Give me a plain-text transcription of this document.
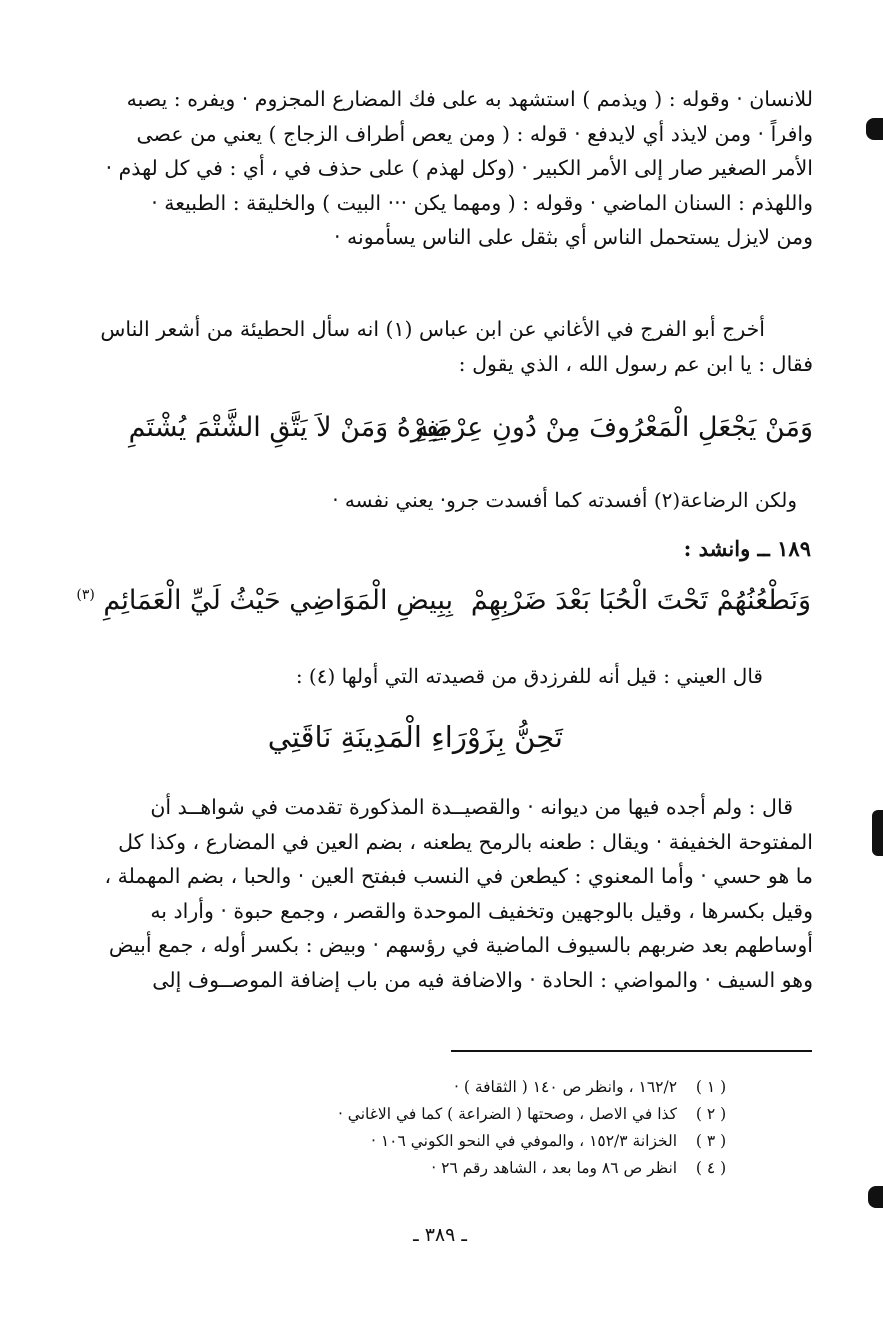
للانسان ‧ وقوله : ( ويذمم ) استشهد به على فك المضارع المجزوم ‧ ويفره : يصبه
وافراً ‧ ومن لايذد أي لايدفع ‧ قوله : ( ومن يعص أطراف الزجاج ) يعني من عصى
الأمر الصغير صار إلى الأمر الكبير ‧ (وكل لهذم ) على حذف في ، أي : في كل لهذم ‧
واللهذم : السنان الماضي ‧ وقوله : ( ومهما يكن ‧‧‧ البيت ) والخليقة : الطبيعة ‧
ومن لايزل يستحمل الناس أي بثقل على الناس يسأمونه ‧
أخرج أبو الفرج في الأغاني عن ابن عباس (١) انه سأل الحطيئة من أشعر الناس
فقال : يا ابن عم رسول الله ، الذي يقول :
وَمَنْ يَجْعَلِ الْمَعْرُوفَ مِنْ دُونِ عِرْضِهِ
يَفِرْهُ وَمَنْ لاَ يَتَّقِ الشَّتْمَ يُشْتَمِ
ولكن الرضاعة(٢) أفسدته كما أفسدت جرو‧ يعني نفسه ‧
١٨٩ ــ وانشد :
وَنَطْعُنُهُمْ تَحْتَ الْحُبَا بَعْدَ ضَرْبِهِمْ
بِبِيضِ الْمَوَاضِي حَيْثُ لَيِّ الْعَمَائِمِ $^{(٣)}$
قال العيني : قيل أنه للفرزدق من قصيدته التي أولها (٤) :
تَحِنُّ بِزَوْرَاءِ الْمَدِينَةِ نَاقَتِي
قال : ولم أجده فيها من ديوانه ‧ والقصيــدة المذكورة تقدمت في شواهــد أن
المفتوحة الخفيفة ‧ ويقال : طعنه بالرمح يطعنه ، بضم العين في المضارع ، وكذا كل
ما هو حسي ‧ وأما المعنوي : كيطعن في النسب فبفتح العين ‧ والحبا ، بضم المهملة ،
وقيل بكسرها ، وقيل بالوجهين وتخفيف الموحدة والقصر ، وجمع حبوة ‧ وأراد به
أوساطهم بعد ضربهم بالسيوف الماضية في رؤسهم ‧ وبيض : بكسر أوله ، جمع أبيض
وهو السيف ‧ والمواضي : الحادة ‧ والاضافة فيه من باب إضافة الموصــوف إلى
( ١ ) ١٦٢/٢ ، وانظر ص ١٤٠ ( الثقافة ) ‧
( ٢ ) كذا في الاصل ، وصحتها ( الضراعة ) كما في الاغاني ‧
( ٣ ) الخزانة ١٥٢/٣ ، والموفي في النحو الكوني ١٠٦ ‧
( ٤ ) انظر ص ٨٦ وما بعد ، الشاهد رقم ٢٦ ‧
ـ ٣٨٩ ـ
